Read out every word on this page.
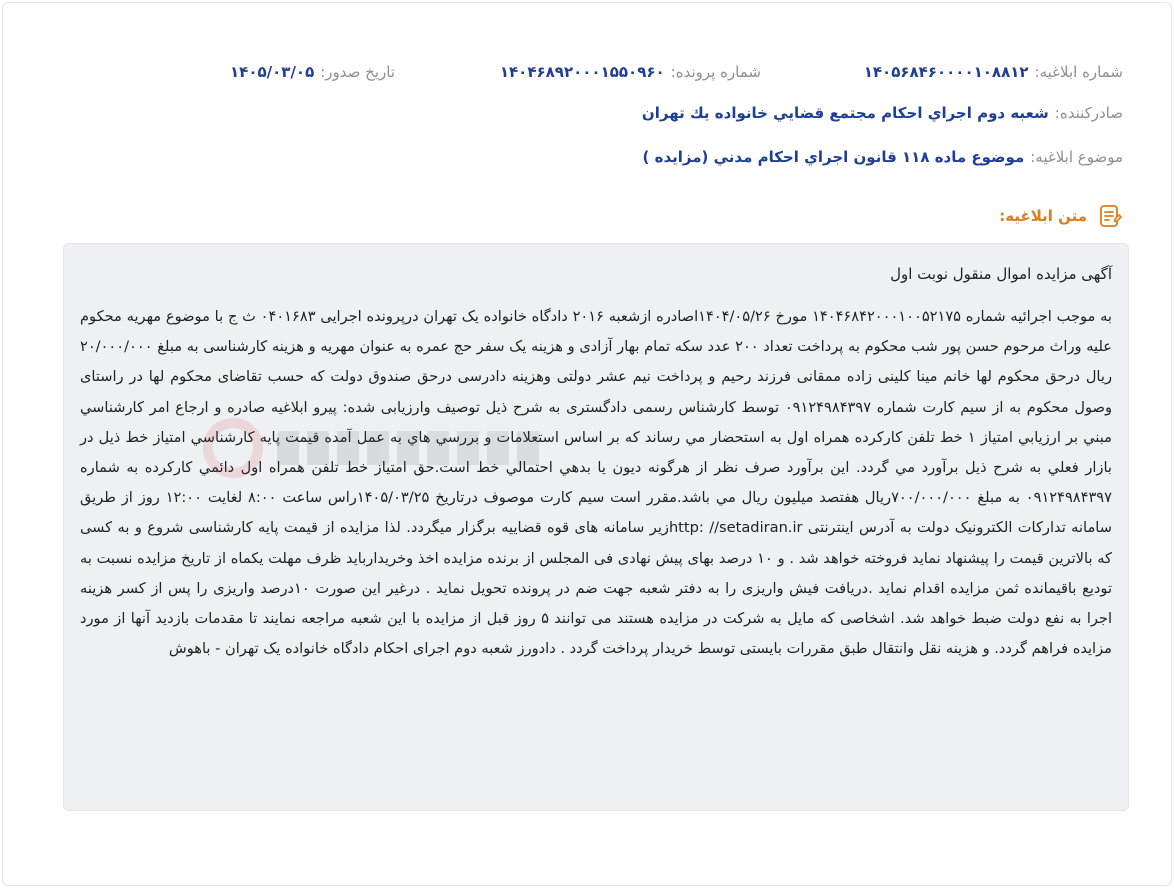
شماره ابلاغیه:
۱۴۰۵۶۸۴۶۰۰۰۰۱۰۸۸۱۲
شماره پرونده:
۱۴۰۴۶۸۹۲۰۰۰۱۵۵۰۹۶۰
تاریخ صدور:
۱۴۰۵/۰۳/۰۵
صادرکننده:
شعبه دوم اجراي احكام مجتمع قضايي خانواده يك تهران
موضوع ابلاغیه:
موضوع ماده ۱۱۸ قانون اجراي احكام مدني (مزايده )
متن ابلاغیه:
آگهی مزایده اموال منقول نوبت اول
به موجب اجرائیه شماره ۱۴۰۴۶۸۴۲۰۰۰۱۰۰۵۲۱۷۵ مورخ ۱۴۰۴/۰۵/۲۶اصادره ازشعبه ۲۰۱۶ دادگاه خانواده یک تهران درپرونده اجرایی ۰۴۰۱۶۸۳ ث ج با موضوع مهریه محکوم علیه وراث مرحوم حسن پور شب محکوم به پرداخت تعداد ۲۰۰ عدد سکه تمام بهار آزادی و هزینه یک سفر حج عمره به عنوان مهریه و هزینه کارشناسی به مبلغ ۲۰/۰۰۰/۰۰۰ ریال درحق محکوم لها خانم مینا کلینی زاده ممقانی فرزند رحیم و پرداخت نیم عشر دولتی وهزینه دادرسی درحق صندوق دولت که حسب تقاضای محکوم لها در راستای وصول محکوم به از سیم کارت شماره ۰۹۱۲۴۹۸۴۳۹۷ توسط کارشناس رسمی دادگستری به شرح ذیل توصیف وارزیابی شده: پیرو ابلاغیه صادره و ارجاع امر کارشناسي مبني بر ارزيابي امتياز ۱ خط تلفن کارکرده همراه اول به استحضار مي رساند که بر اساس استعلامات و بررسي هاي به عمل آمده قيمت پايه کارشناسي امتياز خط ذيل در بازار فعلي به شرح ذيل برآورد مي گردد. اين برآورد صرف نظر از هرگونه ديون يا بدهي احتمالي خط است.حق امتیاز خط تلفن همراه اول دائمي کارکرده به شماره ۰۹۱۲۴۹۸۴۳۹۷ به مبلغ ۷۰۰/۰۰۰/۰۰۰ریال هفتصد ميليون ريال مي باشد.مقرر است سیم کارت موصوف درتاریخ ۱۴۰۵/۰۳/۲۵راس ساعت ۸:۰۰ لغایت ۱۲:۰۰ روز از طریق سامانه تدارکات الکترونیک دولت به آدرس اینترنتی http: //setadiran.irزیر سامانه های قوه قضاییه برگزار میگردد. لذا مزایده از قیمت پایه کارشناسی شروع و به کسی که بالاترین قیمت را پیشنهاد نماید فروخته خواهد شد . و ۱۰ درصد بهای پیش نهادی فی المجلس از برنده مزایده اخذ وخریدارباید ظرف مهلت یکماه از تاریخ مزایده نسبت به توديع باقيمانده ثمن مزايده اقدام نمايد .دریافت فیش واریزی را به دفتر شعبه جهت ضم در پرونده تحویل نماید . درغیر این صورت ۱۰درصد واریزی را پس از کسر هزینه اجرا به نفع دولت ضبط خواهد شد. اشخاصی که مایل به شرکت در مزایده هستند می توانند ۵ روز قبل از مزایده با این شعبه مراجعه نمایند تا مقدمات بازدید آنها از مورد مزایده فراهم گردد. و هزینه نقل وانتقال طبق مقررات بایستی توسط خریدار پرداخت گردد . دادورز شعبه دوم اجرای احکام دادگاه خانواده یک تهران - باهوش
